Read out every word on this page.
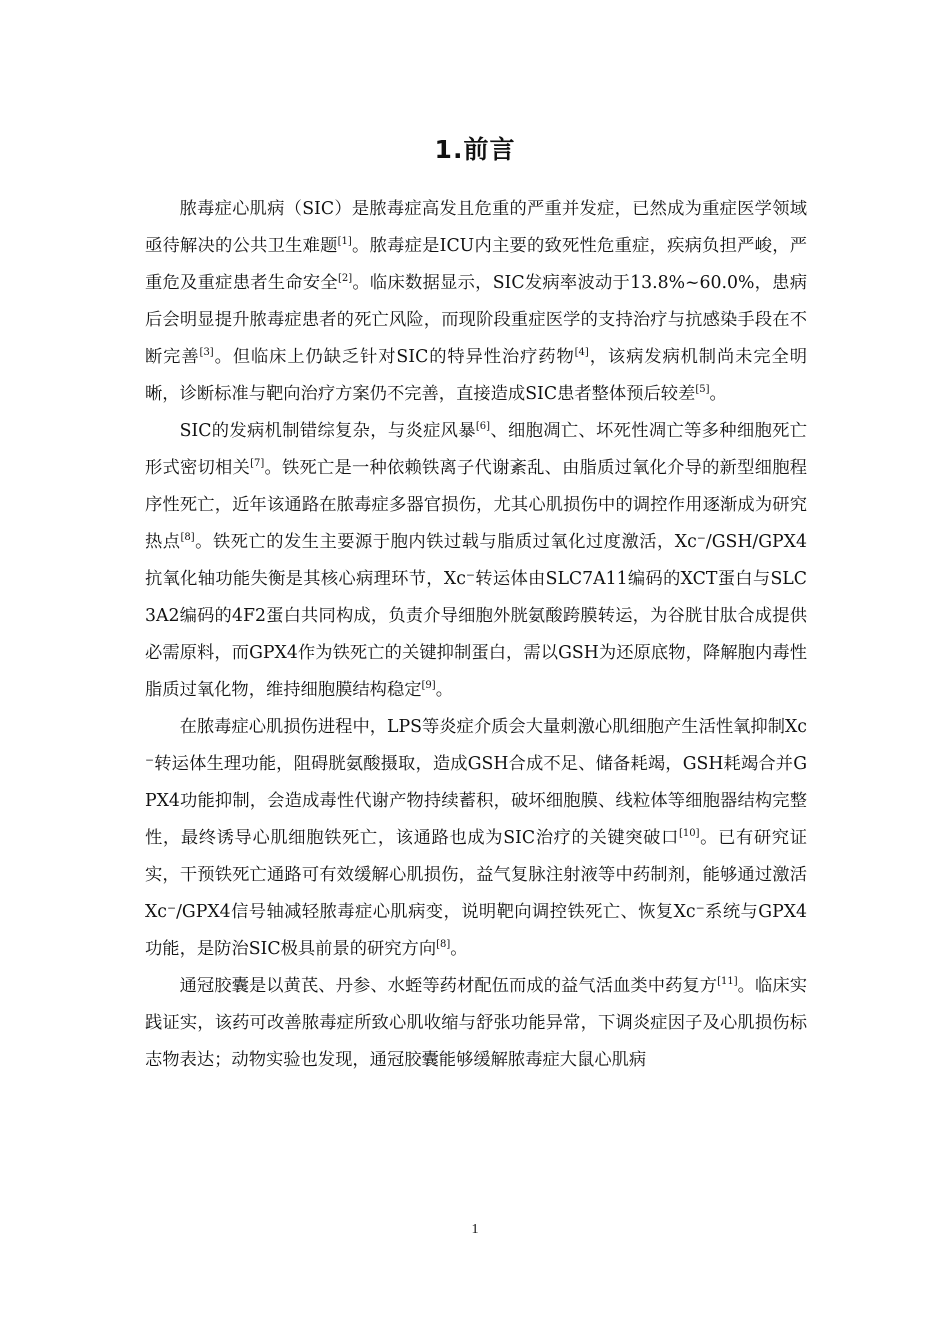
1.前言

脓毒症心肌病（SIC）是脓毒症高发且危重的严重并发症，已然成为重症医学领域亟待解决的公共卫生难题[1]。脓毒症是ICU内主要的致死性危重症，疾病负担严峻，严重危及重症患者生命安全[2]。临床数据显示，SIC发病率波动于13.8%~60.0%，患病后会明显提升脓毒症患者的死亡风险，而现阶段重症医学的支持治疗与抗感染手段在不断完善[3]。但临床上仍缺乏针对SIC的特异性治疗药物[4]，该病发病机制尚未完全明晰，诊断标准与靶向治疗方案仍不完善，直接造成SIC患者整体预后较差[5]。

SIC的发病机制错综复杂，与炎症风暴[6]、细胞凋亡、坏死性凋亡等多种细胞死亡形式密切相关[7]。铁死亡是一种依赖铁离子代谢紊乱、由脂质过氧化介导的新型细胞程序性死亡，近年该通路在脓毒症多器官损伤，尤其心肌损伤中的调控作用逐渐成为研究热点[8]。铁死亡的发生主要源于胞内铁过载与脂质过氧化过度激活，Xc⁻/GSH/GPX4抗氧化轴功能失衡是其核心病理环节，Xc⁻转运体由SLC7A11编码的XCT蛋白与SLC3A2编码的4F2蛋白共同构成，负责介导细胞外胱氨酸跨膜转运，为谷胱甘肽合成提供必需原料，而GPX4作为铁死亡的关键抑制蛋白，需以GSH为还原底物，降解胞内毒性脂质过氧化物，维持细胞膜结构稳定[9]。

在脓毒症心肌损伤进程中，LPS等炎症介质会大量刺激心肌细胞产生活性氧抑制Xc⁻转运体生理功能，阻碍胱氨酸摄取，造成GSH合成不足、储备耗竭，GSH耗竭合并GPX4功能抑制，会造成毒性代谢产物持续蓄积，破坏细胞膜、线粒体等细胞器结构完整性，最终诱导心肌细胞铁死亡，该通路也成为SIC治疗的关键突破口[10]。已有研究证实，干预铁死亡通路可有效缓解心肌损伤，益气复脉注射液等中药制剂，能够通过激活Xc⁻/GPX4信号轴减轻脓毒症心肌病变，说明靶向调控铁死亡、恢复Xc⁻系统与GPX4功能，是防治SIC极具前景的研究方向[8]。

通冠胶囊是以黄芪、丹参、水蛭等药材配伍而成的益气活血类中药复方[11]。临床实践证实，该药可改善脓毒症所致心肌收缩与舒张功能异常，下调炎症因子及心肌损伤标志物表达；动物实验也发现，通冠胶囊能够缓解脓毒症大鼠心肌病

1
